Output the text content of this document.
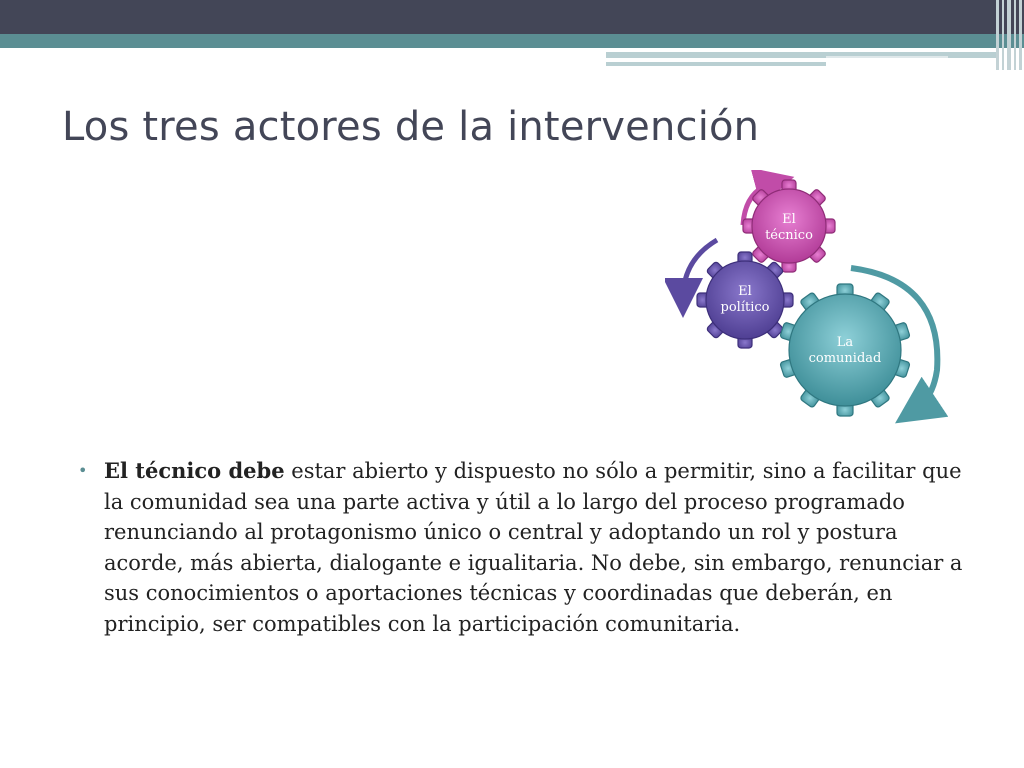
Los tres actores de la intervención
El
técnico
El
político
La
comunidad
• El técnico debe estar abierto y dispuesto no sólo a permitir, sino a facilitar que la comunidad sea una parte activa y útil a lo largo del proceso programado renunciando al protagonismo único o central y adoptando un rol y postura acorde, más abierta, dialogante e igualitaria. No debe, sin embargo, renunciar a sus conocimientos o aportaciones técnicas y coordinadas que deberán, en principio, ser compatibles con la participación comunitaria.
